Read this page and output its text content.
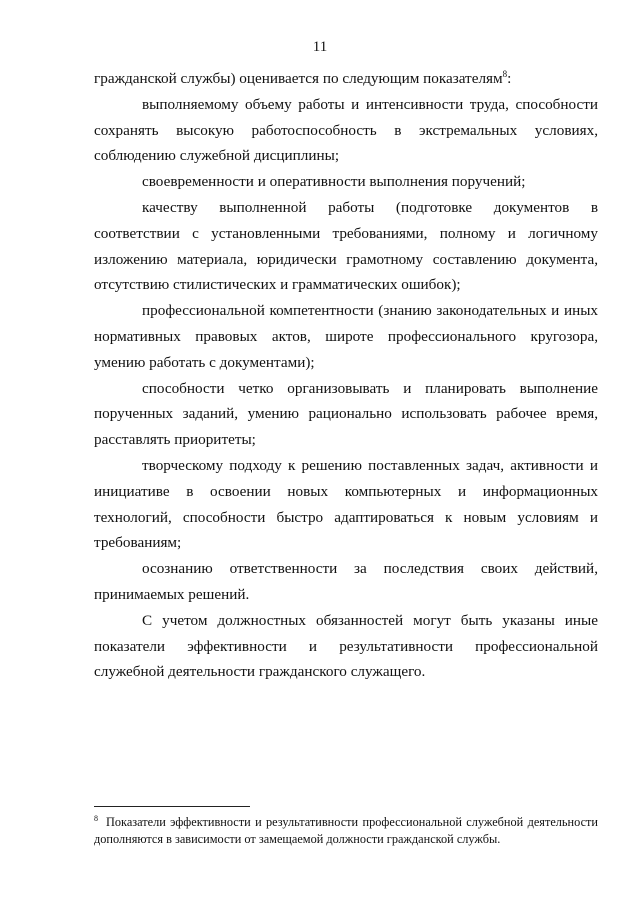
11

гражданской службы) оценивается по следующим показателям$^8$:

выполняемому объему работы и интенсивности труда, способности сохранять высокую работоспособность в экстремальных условиях, соблюдению служебной дисциплины;

своевременности и оперативности выполнения поручений;

качеству выполненной работы (подготовке документов в соответствии с установленными требованиями, полному и логичному изложению материала, юридически грамотному составлению документа, отсутствию стилистических и грамматических ошибок);

профессиональной компетентности (знанию законодательных и иных нормативных правовых актов, широте профессионального кругозора, умению работать с документами);

способности четко организовывать и планировать выполнение порученных заданий, умению рационально использовать рабочее время, расставлять приоритеты;

творческому подходу к решению поставленных задач, активности и инициативе в освоении новых компьютерных и информационных технологий, способности быстро адаптироваться к новым условиям и требованиям;

осознанию ответственности за последствия своих действий, принимаемых решений.

С учетом должностных обязанностей могут быть указаны иные показатели эффективности и результативности профессиональной служебной деятельности гражданского служащего.

$^8$ Показатели эффективности и результативности профессиональной служебной деятельности дополняются в зависимости от замещаемой должности гражданской службы.
